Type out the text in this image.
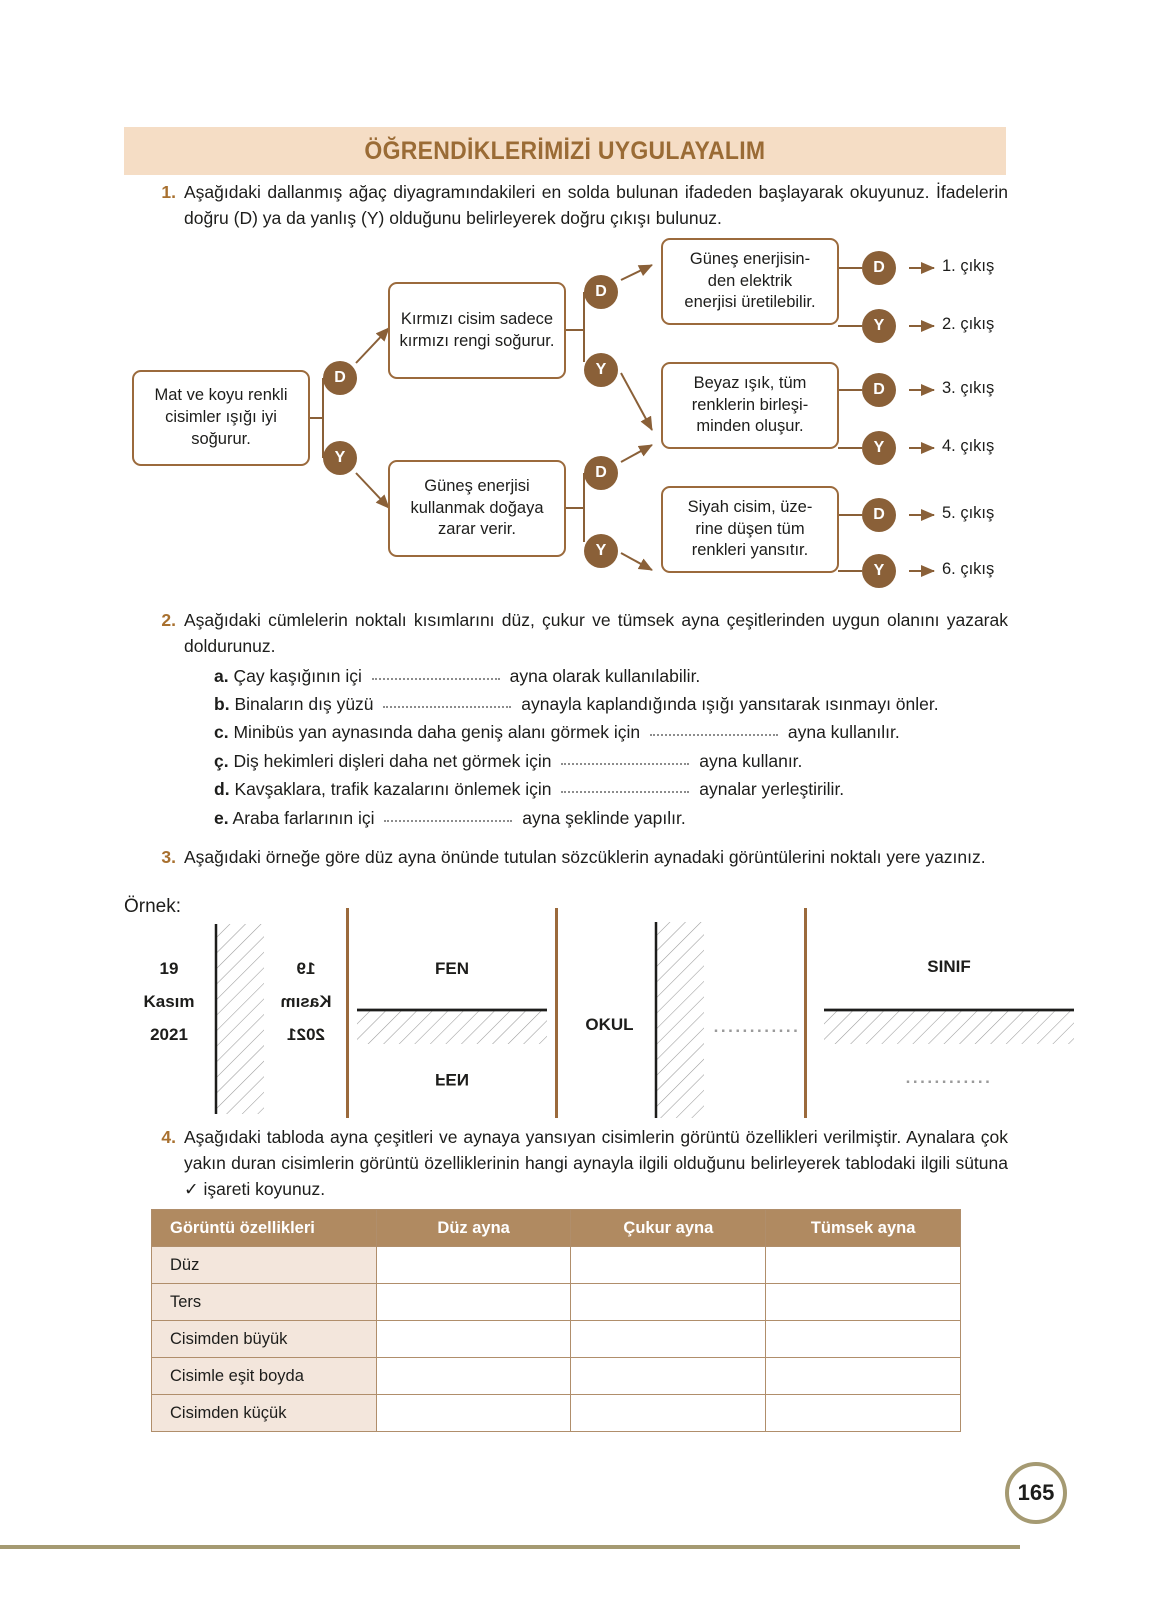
ÖĞRENDİKLERİMİZİ UYGULAYALIM
1. Aşağıdaki dallanmış ağaç diyagramındakileri en solda bulunan ifadeden başlayarak okuyunuz. İfadelerin doğru (D) ya da yanlış (Y) olduğunu belirleyerek doğru çıkışı bulunuz.
Mat ve koyu renkli cisimler ışığı iyi soğurur.
D
Y
Kırmızı cisim sadece kırmızı rengi soğurur.
Güneş enerjisi kullanmak doğaya zarar verir.
D
Y
D
Y
Güneş enerjisin-
den elektrik
enerjisi üretilebilir.
Beyaz ışık, tüm
renklerin birleşi-
minden oluşur.
Siyah cisim, üze-
rine düşen tüm
renkleri yansıtır.
D	1. çıkış
Y	2. çıkış
D	3. çıkış
Y	4. çıkış
D	5. çıkış
Y	6. çıkış
2. Aşağıdaki cümlelerin noktalı kısımlarını düz, çukur ve tümsek ayna çeşitlerinden uygun olanını yazarak doldurunuz.

a. Çay kaşığının içi	ayna olarak kullanılabilir.
b. Binaların dış yüzü	aynayla kaplandığında ışığı yansıtarak ısınmayı önler.
c. Minibüs yan aynasında daha geniş alanı görmek için	ayna kullanılır.
ç. Diş hekimleri dişleri daha net görmek için	ayna kullanır.
d. Kavşaklara, trafik kazalarını önlemek için	aynalar yerleştirilir.
e. Araba farlarının içi	ayna şeklinde yapılır.
3. Aşağıdaki örneğe göre düz ayna önünde tutulan sözcüklerin aynadaki görüntülerini noktalı yere yazınız.
Örnek:
19
Kasım
2021
19
Kasım
2021
FEN
FEN
OKUL	............
SINIF
............
4. Aşağıdaki tabloda ayna çeşitleri ve aynaya yansıyan cisimlerin görüntü özellikleri verilmiştir. Aynalara çok yakın duran cisimlerin görüntü özelliklerinin hangi aynayla ilgili olduğunu belirleyerek tablodaki ilgili sütuna ✓ işareti koyunuz.
Görüntü özellikleri	Düz ayna	Çukur ayna	Tümsek ayna
Düz			
Ters			
Cisimden büyük			
Cisimle eşit boyda			
Cisimden küçük			
165
